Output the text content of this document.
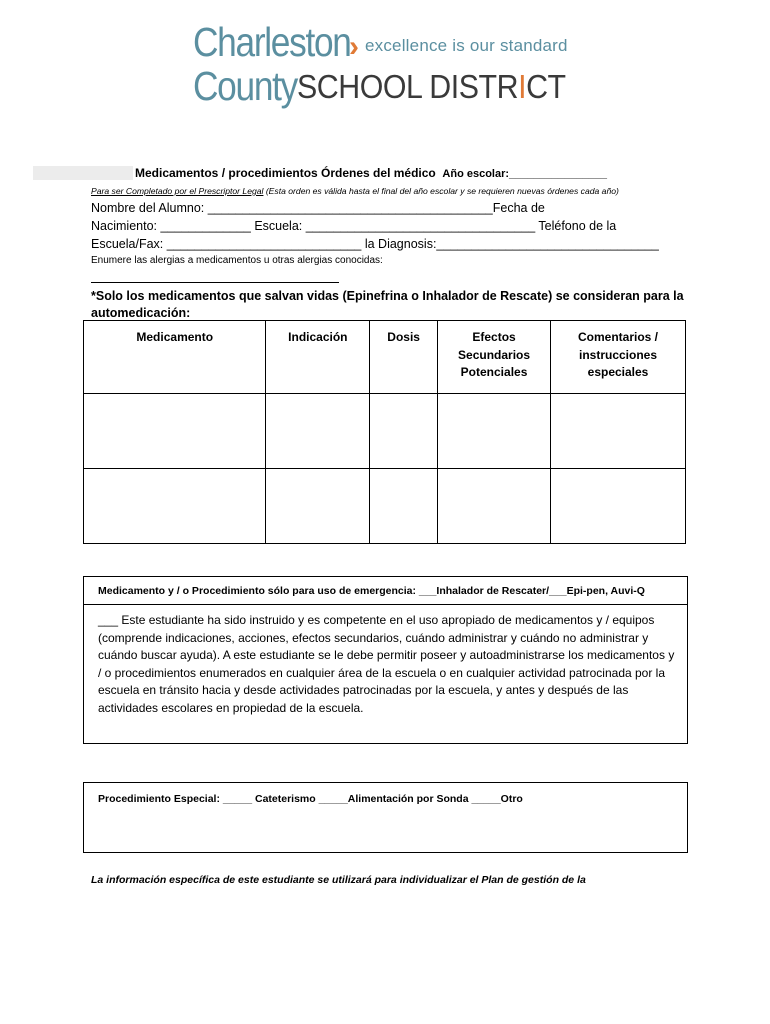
Charleston
› excellence is our standard
County SCHOOL DISTRICT
Medicamentos / procedimientos Órdenes del médico Año escolar:________________
Para ser Completado por el Prescriptor Legal (Esta orden es válida hasta el final del año escolar y se requieren nuevas órdenes cada año)
Nombre del Alumno: _________________________________________Fecha de
Nacimiento: _____________ Escuela: _________________________________ Teléfono de la
Escuela/Fax: ____________________________ la Diagnosis:________________________________
Enumere las alergias a medicamentos u otras alergias conocidas:
*Solo los medicamentos que salvan vidas (Epinefrina o Inhalador de Rescate) se consideran para la automedicación:
Medicamento	Indicación	Dosis	Efectos Secundarios Potenciales	Comentarios / instrucciones especiales

Medicamento y / o Procedimiento sólo para uso de emergencia: ___Inhalador de Rescater/___Epi-pen, Auvi-Q
___ Este estudiante ha sido instruido y es competente en el uso apropiado de medicamentos y / equipos (comprende indicaciones, acciones, efectos secundarios, cuándo administrar y cuándo no administrar y cuándo buscar ayuda). A este estudiante se le debe permitir poseer y autoadministrarse los medicamentos y / o procedimientos enumerados en cualquier área de la escuela o en cualquier actividad patrocinada por la escuela en tránsito hacia y desde actividades patrocinadas por la escuela, y antes y después de las actividades escolares en propiedad de la escuela.
Procedimiento Especial: _____ Cateterismo _____Alimentación por Sonda _____Otro
La información específica de este estudiante se utilizará para individualizar el Plan de gestión de la
